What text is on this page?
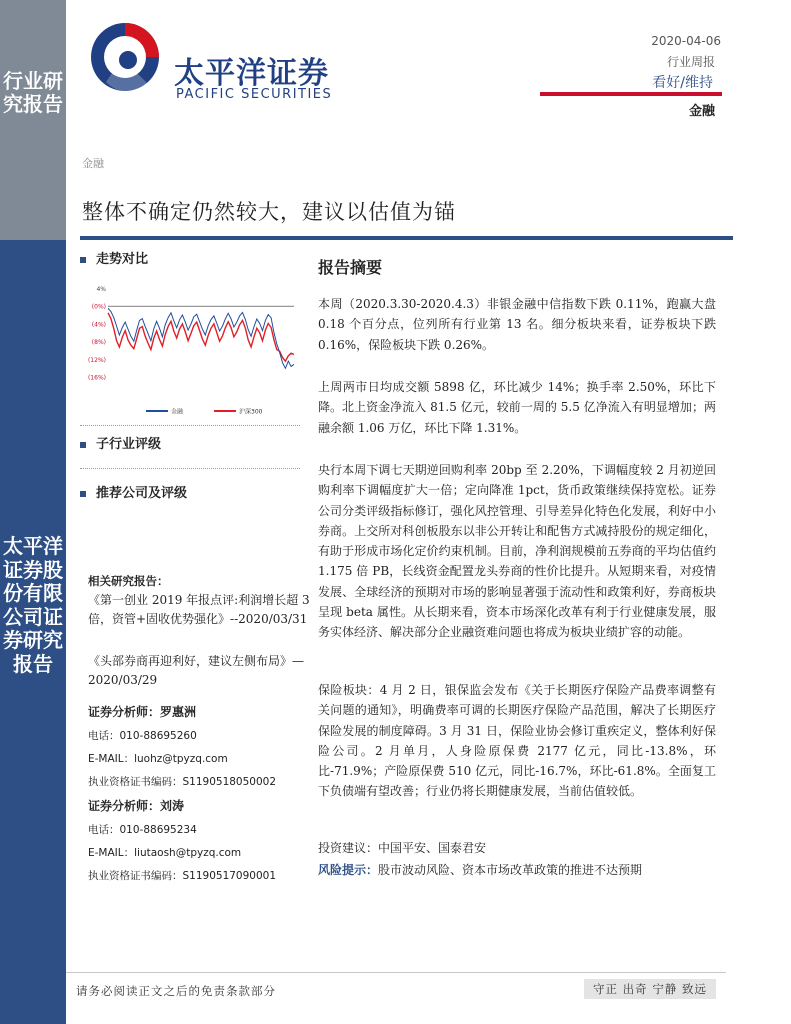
行业研究报告
太平洋证券股份有限公司证券研究报告
太平洋证券
PACIFIC SECURITIES
2020-04-06
行业周报
看好/维持
金融
金融
整体不确定仍然较大，建议以估值为锚
走势对比
4%
(0%)
(4%)
(8%)
(12%)
(16%)
金融	沪深300
子行业评级
推荐公司及评级
相关研究报告：
《第一创业 2019 年报点评:利润增长超 3 倍，资管+固收优势强化》--2020/03/31
《头部券商再迎利好，建议左侧布局》—2020/03/29
证券分析师：罗惠洲
电话：010-88695260
E-MAIL：luohz@tpyzq.com
执业资格证书编码：S1190518050002
证券分析师：刘涛
电话：010-88695234
E-MAIL：liutaosh@tpyzq.com
执业资格证书编码：S1190517090001
报告摘要
本周（2020.3.30-2020.4.3）非银金融中信指数下跌 0.11%，跑赢大盘 0.18 个百分点，位列所有行业第 13 名。细分板块来看，证券板块下跌 0.16%，保险板块下跌 0.26%。
上周两市日均成交额 5898 亿，环比减少 14%；换手率 2.50%，环比下降。北上资金净流入 81.5 亿元，较前一周的 5.5 亿净流入有明显增加；两融余额 1.06 万亿，环比下降 1.31%。
央行本周下调七天期逆回购利率 20bp 至 2.20%，下调幅度较 2 月初逆回购利率下调幅度扩大一倍；定向降准 1pct，货币政策继续保持宽松。证券公司分类评级指标修订，强化风控管理、引导差异化特色化发展，利好中小券商。上交所对科创板股东以非公开转让和配售方式减持股份的规定细化，有助于形成市场化定价约束机制。目前，净利润规模前五券商的平均估值约 1.175 倍 PB，长线资金配置龙头券商的性价比提升。从短期来看，对疫情发展、全球经济的预期对市场的影响显著强于流动性和政策利好，券商板块呈现 beta 属性。从长期来看，资本市场深化改革有利于行业健康发展，服务实体经济、解决部分企业融资难问题也将成为板块业绩扩容的动能。
保险板块：4 月 2 日，银保监会发布《关于长期医疗保险产品费率调整有关问题的通知》，明确费率可调的长期医疗保险产品范围，解决了长期医疗保险发展的制度障碍。3 月 31 日，保险业协会修订重疾定义，整体利好保险公司。2 月单月，人身险原保费 2177 亿元，同比-13.8%，环比-71.9%；产险原保费 510 亿元，同比-16.7%，环比-61.8%。全面复工下负债端有望改善；行业仍将长期健康发展，当前估值较低。
投资建议：中国平安、国泰君安
风险提示：股市波动风险、资本市场改革政策的推进不达预期
请务必阅读正文之后的免责条款部分	守正 出奇 宁静 致远
